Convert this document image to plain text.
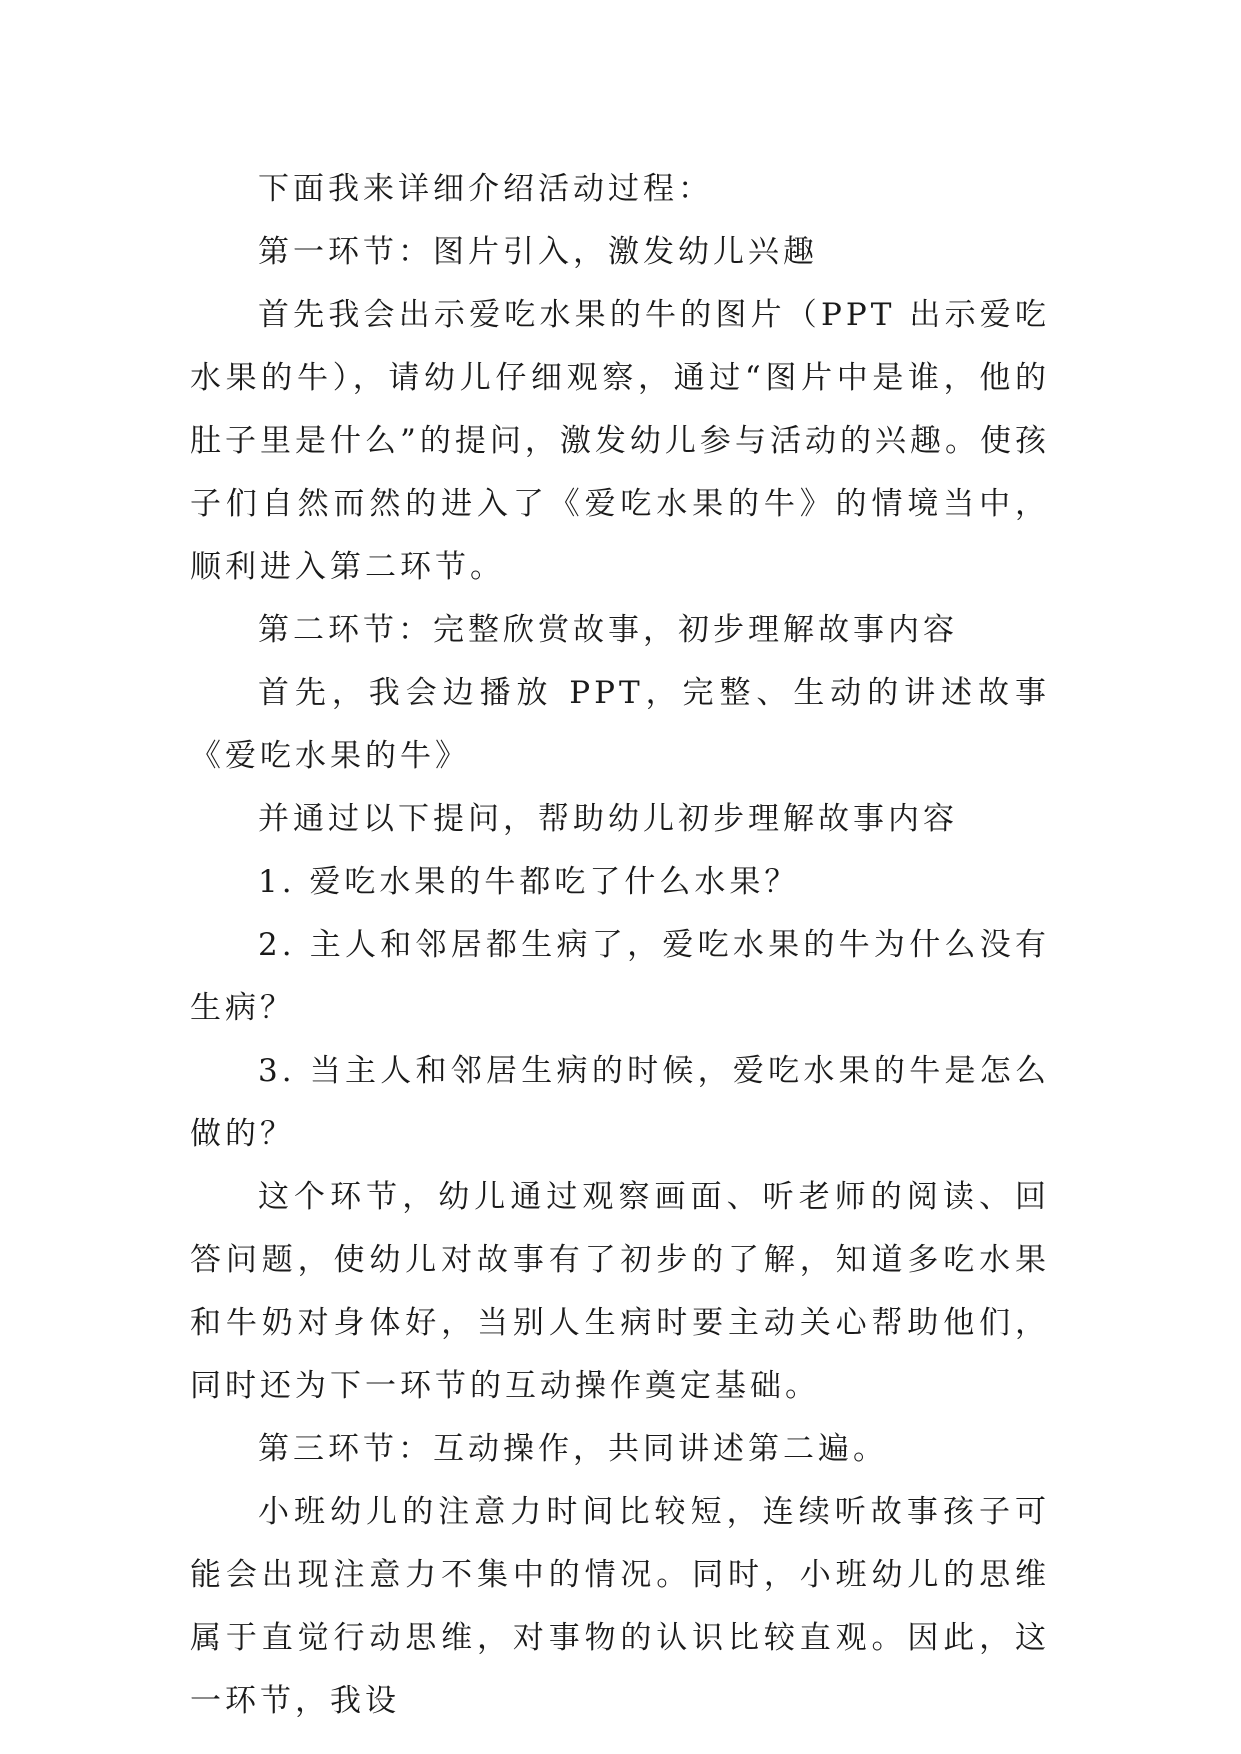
下面我来详细介绍活动过程：

第一环节：图片引入，激发幼儿兴趣

首先我会出示爱吃水果的牛的图片（PPT 出示爱吃水果的牛），请幼儿仔细观察，通过“图片中是谁，他的肚子里是什么”的提问，激发幼儿参与活动的兴趣。使孩子们自然而然的进入了《爱吃水果的牛》的情境当中，顺利进入第二环节。

第二环节：完整欣赏故事，初步理解故事内容

首先，我会边播放 PPT，完整、生动的讲述故事《爱吃水果的牛》

并通过以下提问，帮助幼儿初步理解故事内容

1. 爱吃水果的牛都吃了什么水果？

2. 主人和邻居都生病了，爱吃水果的牛为什么没有生病？

3. 当主人和邻居生病的时候，爱吃水果的牛是怎么做的？

这个环节，幼儿通过观察画面、听老师的阅读、回答问题，使幼儿对故事有了初步的了解，知道多吃水果和牛奶对身体好，当别人生病时要主动关心帮助他们，同时还为下一环节的互动操作奠定基础。

第三环节：互动操作，共同讲述第二遍。

小班幼儿的注意力时间比较短，连续听故事孩子可能会出现注意力不集中的情况。同时，小班幼儿的思维属于直觉行动思维，对事物的认识比较直观。因此，这一环节，我设
